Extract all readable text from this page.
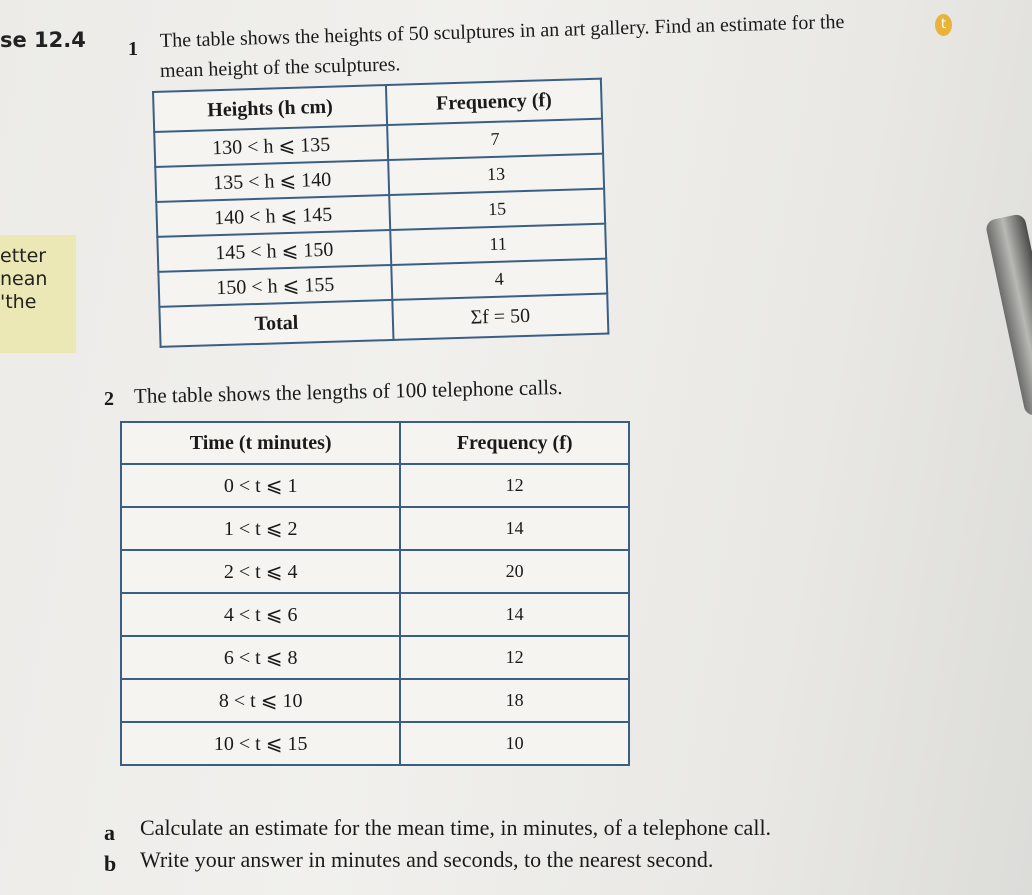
etter
nean
'the
se 12.4
t
1 The table shows the heights of 50 sculptures in an art gallery. Find an estimate for the
mean height of the sculptures.
Heights (h cm)	Frequency (f)
130 < h ⩽ 135	7
135 < h ⩽ 140	13
140 < h ⩽ 145	15
145 < h ⩽ 150	11
150 < h ⩽ 155	4
Total	Σf = 50
2 The table shows the lengths of 100 telephone calls.
Time (t minutes)	Frequency (f)
0 < t ⩽ 1	12
1 < t ⩽ 2	14
2 < t ⩽ 4	20
4 < t ⩽ 6	14
6 < t ⩽ 8	12
8 < t ⩽ 10	18
10 < t ⩽ 15	10
a Calculate an estimate for the mean time, in minutes, of a telephone call.
b Write your answer in minutes and seconds, to the nearest second.
